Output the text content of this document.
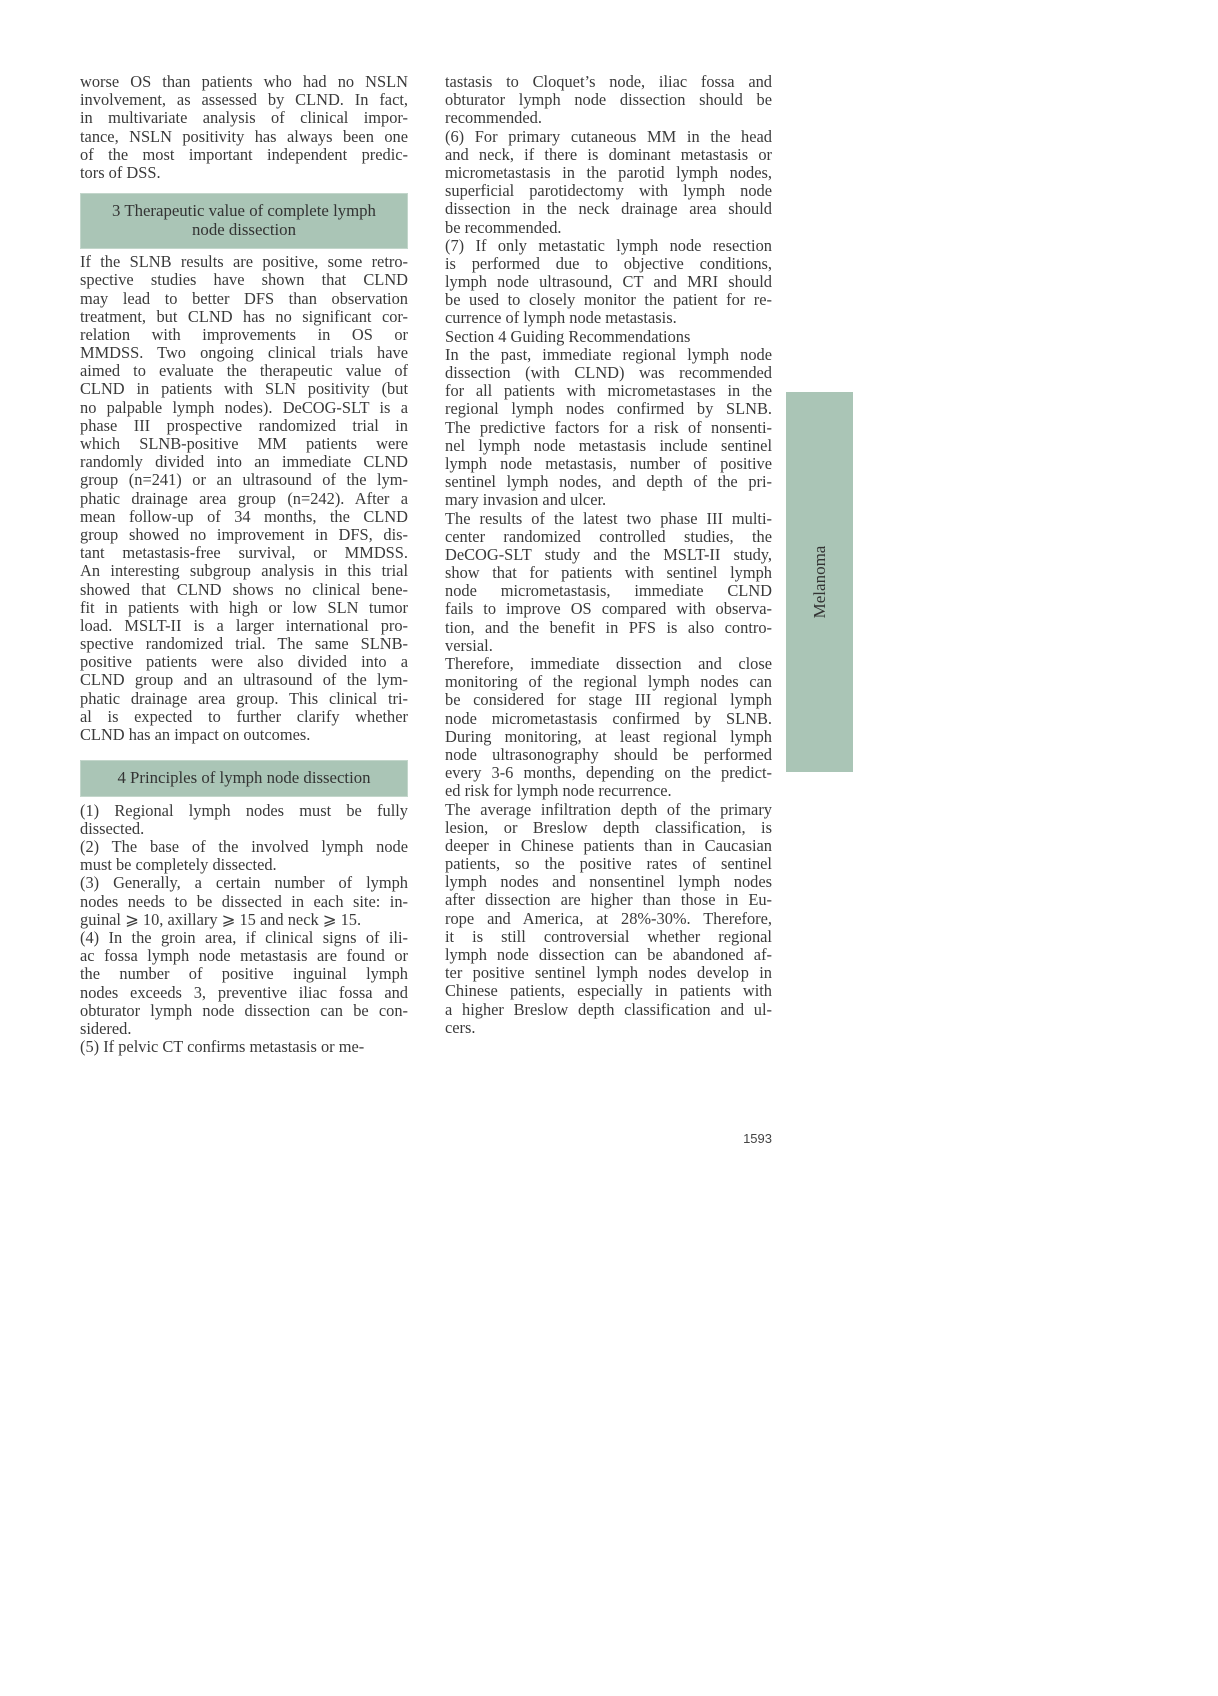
worse OS than patients who had no NSLN
involvement, as assessed by CLND. In fact,
in multivariate analysis of clinical impor-
tance, NSLN positivity has always been one
of the most important independent predic-
tors of DSS.
3 Therapeutic value of complete lymph
node dissection
If the SLNB results are positive, some retro-
spective studies have shown that CLND
may lead to better DFS than observation
treatment, but CLND has no significant cor-
relation with improvements in OS or
MMDSS. Two ongoing clinical trials have
aimed to evaluate the therapeutic value of
CLND in patients with SLN positivity (but
no palpable lymph nodes). DeCOG-SLT is a
phase III prospective randomized trial in
which SLNB-positive MM patients were
randomly divided into an immediate CLND
group (n=241) or an ultrasound of the lym-
phatic drainage area group (n=242). After a
mean follow-up of 34 months, the CLND
group showed no improvement in DFS, dis-
tant metastasis-free survival, or MMDSS.
An interesting subgroup analysis in this trial
showed that CLND shows no clinical bene-
fit in patients with high or low SLN tumor
load. MSLT-II is a larger international pro-
spective randomized trial. The same SLNB-
positive patients were also divided into a
CLND group and an ultrasound of the lym-
phatic drainage area group. This clinical tri-
al is expected to further clarify whether
CLND has an impact on outcomes.
4 Principles of lymph node dissection
(1) Regional lymph nodes must be fully
dissected.
(2) The base of the involved lymph node
must be completely dissected.
(3) Generally, a certain number of lymph
nodes needs to be dissected in each site: in-
guinal ⩾ 10, axillary ⩾ 15 and neck ⩾ 15.
(4) In the groin area, if clinical signs of ili-
ac fossa lymph node metastasis are found or
the number of positive inguinal lymph
nodes exceeds 3, preventive iliac fossa and
obturator lymph node dissection can be con-
sidered.
(5) If pelvic CT confirms metastasis or me-
tastasis to Cloquet’s node, iliac fossa and
obturator lymph node dissection should be
recommended.
(6) For primary cutaneous MM in the head
and neck, if there is dominant metastasis or
micrometastasis in the parotid lymph nodes,
superficial parotidectomy with lymph node
dissection in the neck drainage area should
be recommended.
(7) If only metastatic lymph node resection
is performed due to objective conditions,
lymph node ultrasound, CT and MRI should
be used to closely monitor the patient for re-
currence of lymph node metastasis.
Section 4 Guiding Recommendations
In the past, immediate regional lymph node
dissection (with CLND) was recommended
for all patients with micrometastases in the
regional lymph nodes confirmed by SLNB.
The predictive factors for a risk of nonsenti-
nel lymph node metastasis include sentinel
lymph node metastasis, number of positive
sentinel lymph nodes, and depth of the pri-
mary invasion and ulcer.
The results of the latest two phase III multi-
center randomized controlled studies, the
DeCOG-SLT study and the MSLT-II study,
show that for patients with sentinel lymph
node micrometastasis, immediate CLND
fails to improve OS compared with observa-
tion, and the benefit in PFS is also contro-
versial.
Therefore, immediate dissection and close
monitoring of the regional lymph nodes can
be considered for stage III regional lymph
node micrometastasis confirmed by SLNB.
During monitoring, at least regional lymph
node ultrasonography should be performed
every 3-6 months, depending on the predict-
ed risk for lymph node recurrence.
The average infiltration depth of the primary
lesion, or Breslow depth classification, is
deeper in Chinese patients than in Caucasian
patients, so the positive rates of sentinel
lymph nodes and nonsentinel lymph nodes
after dissection are higher than those in Eu-
rope and America, at 28%-30%. Therefore,
it is still controversial whether regional
lymph node dissection can be abandoned af-
ter positive sentinel lymph nodes develop in
Chinese patients, especially in patients with
a higher Breslow depth classification and ul-
cers.
Melanoma
1593
